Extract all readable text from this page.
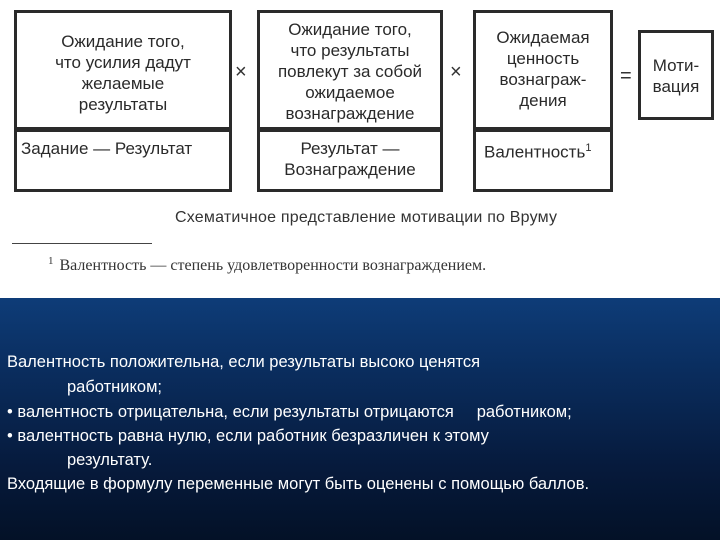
Ожидание того,
что усилия дадут
желаемые
результаты
×
Ожидание того,
что результаты
повлекут за собой
ожидаемое
вознаграждение
×
Ожидаемая
ценность
вознаграж-
дения
=	Моти-
вация
Задание — Результат	Результат —
Вознаграждение
Валентность$^1$
Схематичное представление мотивации по Вруму
$^1$ Валентность — степень удовлетворенности вознаграждением.

Валентность положительна, если результаты высоко ценятся

работником;

• валентность отрицательна, если результаты отрицаются     работником;

• валентность равна нулю, если работник безразличен к этому

результату.

Входящие в формулу переменные могут быть оценены с помощью баллов.
